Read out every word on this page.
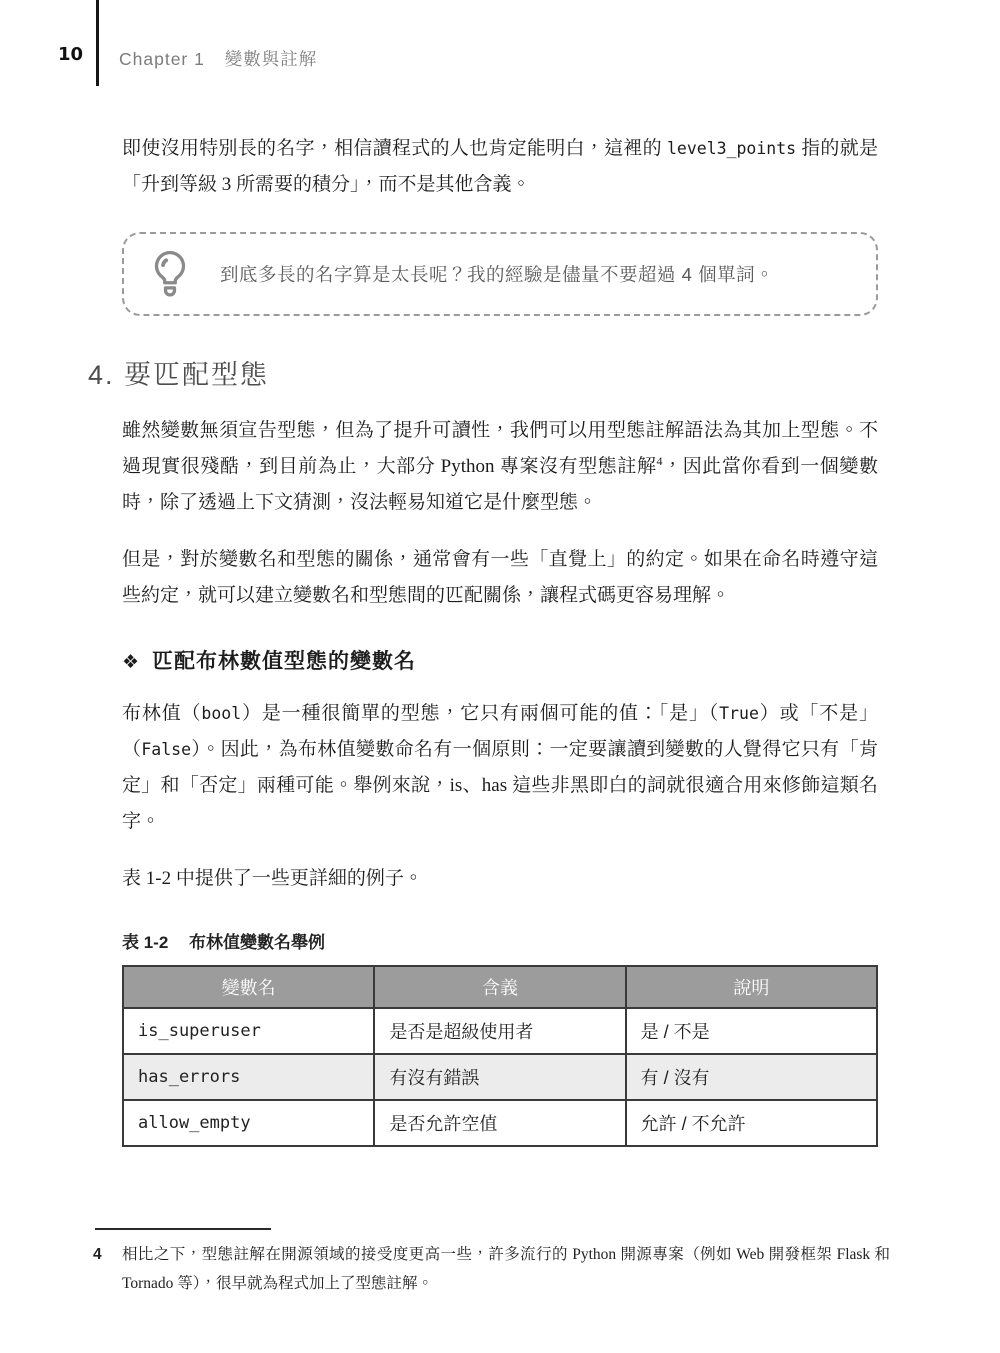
10 Chapter 1 變數與註解

即使沒用特別長的名字，相信讀程式的人也肯定能明白，這裡的 level3_points 指的就是「升到等級 3 所需要的積分」，而不是其他含義。

到底多長的名字算是太長呢？我的經驗是儘量不要超過 4 個單詞。
4. 要匹配型態

雖然變數無須宣告型態，但為了提升可讀性，我們可以用型態註解語法為其加上型態。不過現實很殘酷，到目前為止，大部分 Python 專案沒有型態註解$^4$，因此當你看到一個變數時，除了透過上下文猜測，沒法輕易知道它是什麼型態。

但是，對於變數名和型態的關係，通常會有一些「直覺上」的約定。如果在命名時遵守這些約定，就可以建立變數名和型態間的匹配關係，讓程式碼更容易理解。

❖ 匹配布林數值型態的變數名

布林值（bool）是一種很簡單的型態，它只有兩個可能的值：「是」（True）或「不是」（False）。因此，為布林值變數命名有一個原則：一定要讓讀到變數的人覺得它只有「肯定」和「否定」兩種可能。舉例來說，is、has 這些非黑即白的詞就很適合用來修飾這類名字。

表 1-2 中提供了一些更詳細的例子。

表 1-2 布林值變數名舉例
變數名	含義	說明
is_superuser	是否是超級使用者	是 / 不是
has_errors	有沒有錯誤	有 / 沒有
allow_empty	是否允許空值	允許 / 不允許
4	相比之下，型態註解在開源領域的接受度更高一些，許多流行的 Python 開源專案（例如 Web 開發框架 Flask 和 Tornado 等），很早就為程式加上了型態註解。
